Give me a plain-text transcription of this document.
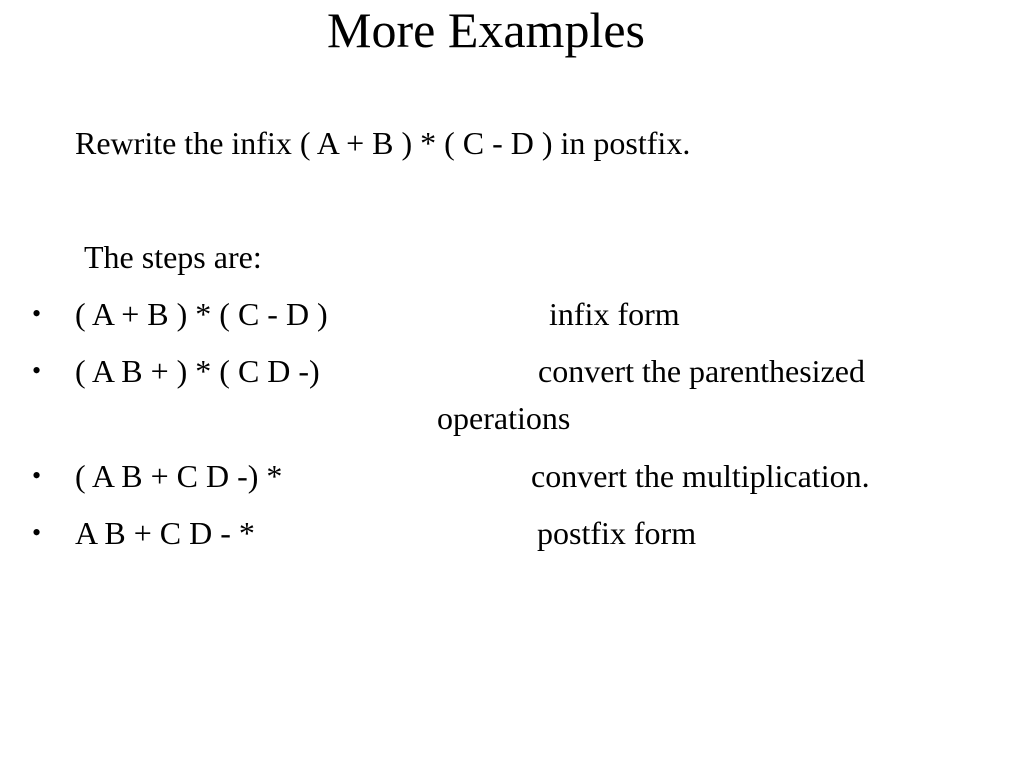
More Examples
Rewrite the infix ( A + B ) * ( C - D ) in postfix.
The steps are:
• ( A + B ) * ( C - D )	infix form
• ( A B + ) * ( C D -)	convert the parenthesized
operations
• ( A B + C D -) *	convert the multiplication.
• A B + C D - *	postfix form
